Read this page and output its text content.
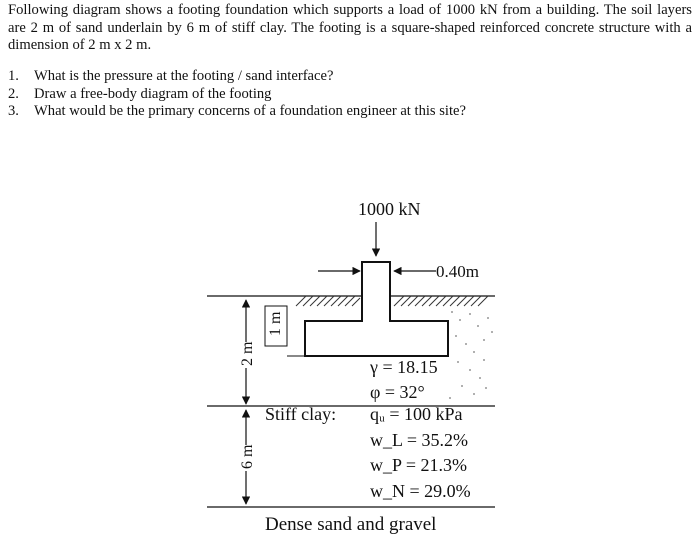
Following diagram shows a footing foundation which supports a load of 1000 kN from a building. The soil layers are 2 m of sand underlain by 6 m of stiff clay. The footing is a square-shaped reinforced concrete structure with a dimension of 2 m x 2 m.
1.	What is the pressure at the footing / sand interface?
2.	Draw a free-body diagram of the footing
3.	What would be the primary concerns of a foundation engineer at this site?
1000 kN
0.40m
1 m
2 m
γ = 18.15
φ = 32°
6 m
Stiff clay: qᵤ = 100 kPa
w_L = 35.2%
w_P = 21.3%
w_N = 29.0%
Dense sand and gravel
